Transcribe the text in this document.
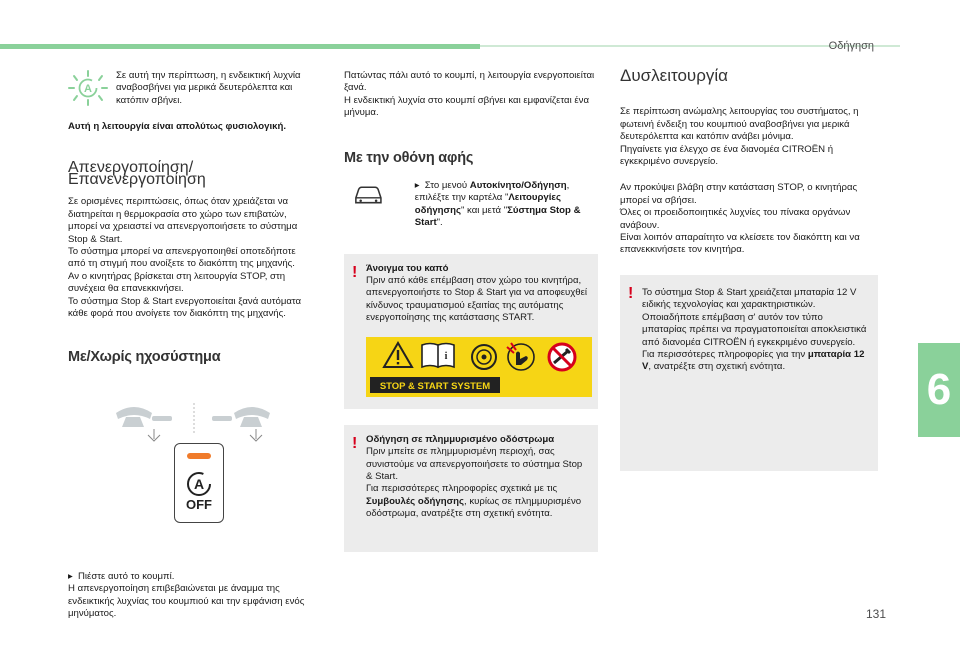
Οδήγηση
6
131
A

Σε αυτή την περίπτωση, η ενδεικτική λυχνία αναβοσβήνει για μερικά δευτερόλεπτα και κατόπιν σβήνει.

Αυτή η λειτουργία είναι απολύτως φυσιολογική.

Απενεργοποίηση/Επανενεργοποίηση

Σε ορισμένες περιπτώσεις, όπως όταν χρειάζεται να διατηρείται η θερμοκρασία στο χώρο των επιβατών, μπορεί να χρειαστεί να απενεργοποιήσετε το σύστημα Stop & Start.
Το σύστημα μπορεί να απενεργοποιηθεί οποτεδήποτε από τη στιγμή που ανοίξετε το διακόπτη της μηχανής.
Αν ο κινητήρας βρίσκεται στη λειτουργία STOP, στη συνέχεια θα επανεκκινήσει.
Το σύστημα Stop & Start ενεργοποιείται ξανά αυτόματα κάθε φορά που ανοίγετε τον διακόπτη της μηχανής.

Με/Χωρίς ηχοσύστημα
A
OFF

▸ Πιέστε αυτό το κουμπί.

Η απενεργοποίηση επιβεβαιώνεται με άναμμα της ενδεικτικής λυχνίας του κουμπιού και την εμφάνιση ενός μηνύματος.

Πατώντας πάλι αυτό το κουμπί, η λειτουργία ενεργοποιείται ξανά.
Η ενδεικτική λυχνία στο κουμπί σβήνει και εμφανίζεται ένα μήνυμα.

Με την οθόνη αφής

▸ Στο μενού Αυτοκίνητο/Οδήγηση, επιλέξτε την καρτέλα "Λειτουργίες οδήγησης" και μετά "Σύστημα Stop & Start".

! Άνοιγμα του καπό

Πριν από κάθε επέμβαση στον χώρο του κινητήρα, απενεργοποιήστε το Stop & Start για να αποφευχθεί κίνδυνος τραυματισμού εξαιτίας της αυτόματης ενεργοποίησης της κατάστασης START.

i
STOP & START SYSTEM
! Οδήγηση σε πλημμυρισμένο οδόστρωμα

Πριν μπείτε σε πλημμυρισμένη περιοχή, σας συνιστούμε να απενεργοποιήσετε το σύστημα Stop & Start.
Για περισσότερες πληροφορίες σχετικά με τις Συμβουλές οδήγησης, κυρίως σε πλημμυρισμένο οδόστρωμα, ανατρέξτε στη σχετική ενότητα.

Δυσλειτουργία

Σε περίπτωση ανώμαλης λειτουργίας του συστήματος, η φωτεινή ένδειξη του κουμπιού αναβοσβήνει για μερικά δευτερόλεπτα και κατόπιν ανάβει μόνιμα.
Πηγαίνετε για έλεγχο σε ένα διανομέα CITROËN ή εγκεκριμένο συνεργείο.

Αν προκύψει βλάβη στην κατάσταση STOP, ο κινητήρας μπορεί να σβήσει.
Όλες οι προειδοποιητικές λυχνίες του πίνακα οργάνων ανάβουν.
Είναι λοιπόν απαραίτητο να κλείσετε τον διακόπτη και να επανεκκινήσετε τον κινητήρα.

! Το σύστημα Stop & Start χρειάζεται μπαταρία 12 V ειδικής τεχνολογίας και χαρακτηριστικών.
Οποιαδήποτε επέμβαση σ' αυτόν τον τύπο μπαταρίας πρέπει να πραγματοποιείται αποκλειστικά από διανομέα CITROËN ή εγκεκριμένο συνεργείο.
Για περισσότερες πληροφορίες για την μπαταρία 12 V, ανατρέξτε στη σχετική ενότητα.
